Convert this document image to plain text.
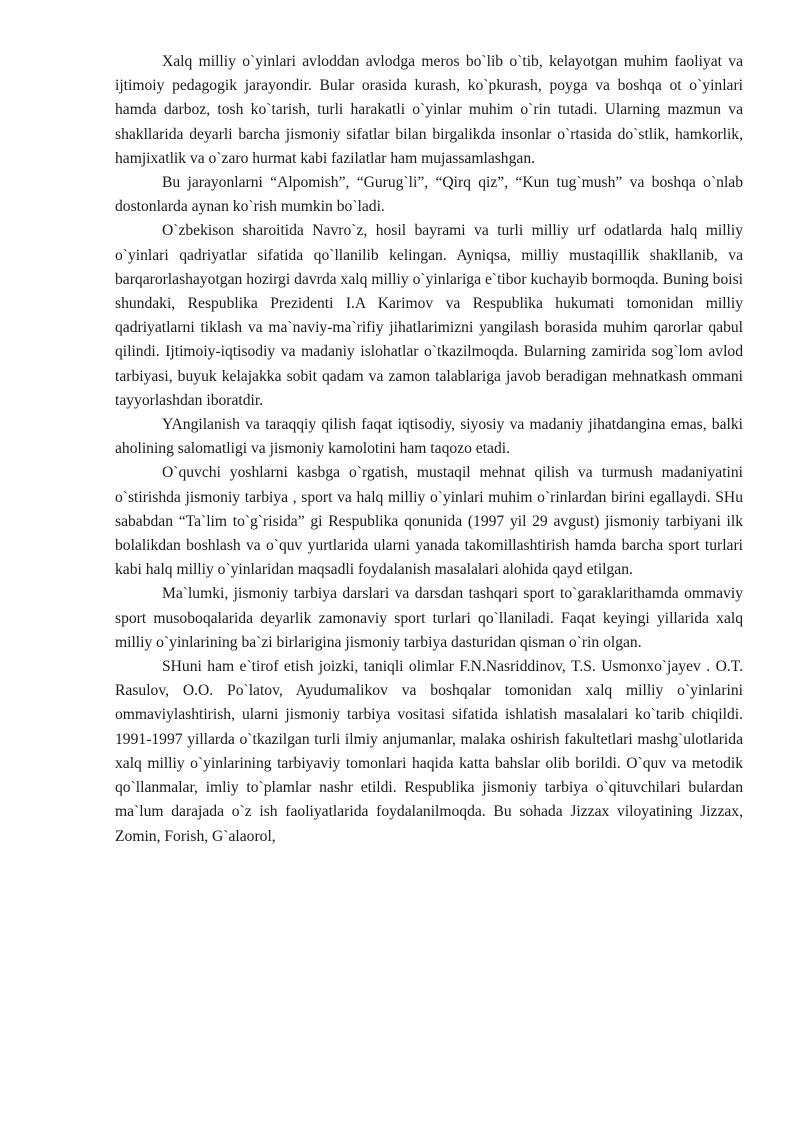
Xalq milliy o`yinlari avloddan avlodga meros bo`lib o`tib, kelayotgan muhim faoliyat va ijtimoiy pedagogik jarayondir. Bular orasida kurash, ko`pkurash, poyga va boshqa ot o`yinlari hamda darboz, tosh ko`tarish, turli harakatli o`yinlar muhim o`rin tutadi. Ularning mazmun va shakllarida deyarli barcha jismoniy sifatlar bilan birgalikda insonlar o`rtasida do`stlik, hamkorlik, hamjixatlik va o`zaro hurmat kabi fazilatlar ham mujassamlashgan.

Bu jarayonlarni “Alpomish”, “Gurug`li”, “Qirq qiz”, “Kun tug`mush” va boshqa o`nlab dostonlarda aynan ko`rish mumkin bo`ladi.

O`zbekison sharoitida Navro`z, hosil bayrami va turli milliy urf odatlarda halq milliy o`yinlari qadriyatlar sifatida qo`llanilib kelingan. Ayniqsa, milliy mustaqillik shakllanib, va barqarorlashayotgan hozirgi davrda xalq milliy o`yinlariga e`tibor kuchayib bormoqda. Buning boisi shundaki, Respublika Prezidenti I.A Karimov va Respublika hukumati tomonidan milliy qadriyatlarni tiklash va ma`naviy-ma`rifiy jihatlarimizni yangilash borasida muhim qarorlar qabul qilindi. Ijtimoiy-iqtisodiy va madaniy islohatlar o`tkazilmoqda. Bularning zamirida sog`lom avlod tarbiyasi, buyuk kelajakka sobit qadam va zamon talablariga javob beradigan mehnatkash ommani tayyorlashdan iboratdir.

YAngilanish va taraqqiy qilish faqat iqtisodiy, siyosiy va madaniy jihatdangina emas, balki aholining salomatligi va jismoniy kamolotini ham taqozo etadi.

O`quvchi yoshlarni kasbga o`rgatish, mustaqil mehnat qilish va turmush madaniyatini o`stirishda jismoniy tarbiya , sport va halq milliy o`yinlari muhim o`rinlardan birini egallaydi. SHu sababdan “Ta`lim to`g`risida” gi Respublika qonunida (1997 yil 29 avgust) jismoniy tarbiyani ilk bolalikdan boshlash va o`quv yurtlarida ularni yanada takomillashtirish hamda barcha sport turlari kabi halq milliy o`yinlaridan maqsadli foydalanish masalalari alohida qayd etilgan.

Ma`lumki, jismoniy tarbiya darslari va darsdan tashqari sport to`garaklarithamda ommaviy sport musoboqalarida deyarlik zamonaviy sport turlari qo`llaniladi. Faqat keyingi yillarida xalq milliy o`yinlarining ba`zi birlarigina jismoniy tarbiya dasturidan qisman o`rin olgan.

SHuni ham e`tirof etish joizki, taniqli olimlar F.N.Nasriddinov, T.S. Usmonxo`jayev . O.T. Rasulov, O.O. Po`latov, Ayudumalikov va boshqalar tomonidan xalq milliy o`yinlarini ommaviylashtirish, ularni jismoniy tarbiya vositasi sifatida ishlatish masalalari ko`tarib chiqildi. 1991-1997 yillarda o`tkazilgan turli ilmiy anjumanlar, malaka oshirish fakultetlari mashg`ulotlarida xalq milliy o`yinlarining tarbiyaviy tomonlari haqida katta bahslar olib borildi. O`quv va metodik qo`llanmalar, imliy to`plamlar nashr etildi. Respublika jismoniy tarbiya o`qituvchilari bulardan ma`lum darajada o`z ish faoliyatlarida foydalanilmoqda. Bu sohada Jizzax viloyatining Jizzax, Zomin, Forish, G`alaorol,
